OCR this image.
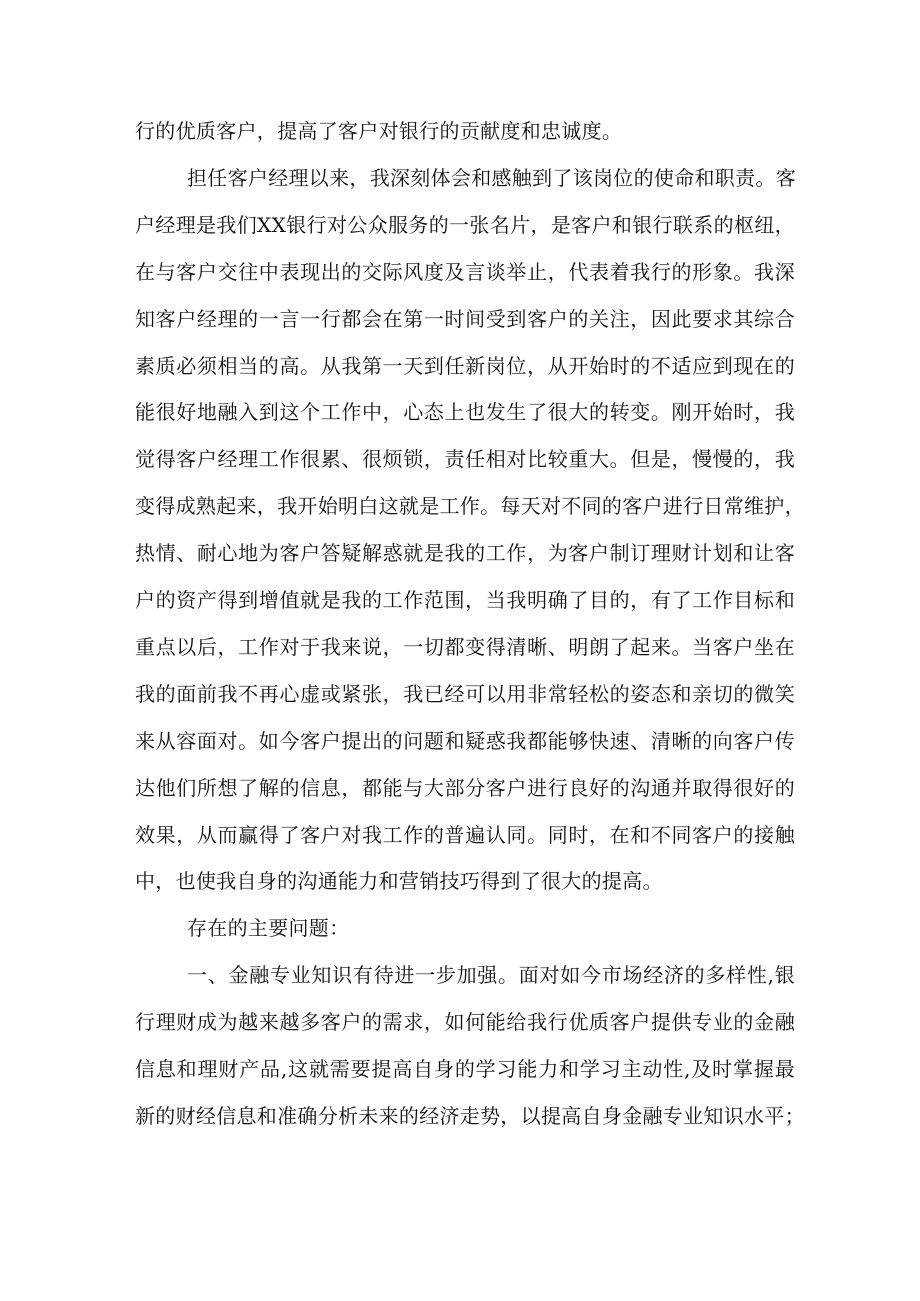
行的优质客户，提高了客户对银行的贡献度和忠诚度。
担任客户经理以来，我深刻体会和感触到了该岗位的使命和职责。客
户经理是我们XX银行对公众服务的一张名片，是客户和银行联系的枢纽，
在与客户交往中表现出的交际风度及言谈举止，代表着我行的形象。我深
知客户经理的一言一行都会在第一时间受到客户的关注，因此要求其综合
素质必须相当的高。从我第一天到任新岗位，从开始时的不适应到现在的
能很好地融入到这个工作中，心态上也发生了很大的转变。刚开始时，我
觉得客户经理工作很累、很烦锁，责任相对比较重大。但是，慢慢的，我
变得成熟起来，我开始明白这就是工作。每天对不同的客户进行日常维护，
热情、耐心地为客户答疑解惑就是我的工作，为客户制订理财计划和让客
户的资产得到增值就是我的工作范围，当我明确了目的，有了工作目标和
重点以后，工作对于我来说，一切都变得清晰、明朗了起来。当客户坐在
我的面前我不再心虚或紧张，我已经可以用非常轻松的姿态和亲切的微笑
来从容面对。如今客户提出的问题和疑惑我都能够快速、清晰的向客户传
达他们所想了解的信息，都能与大部分客户进行良好的沟通并取得很好的
效果，从而赢得了客户对我工作的普遍认同。同时，在和不同客户的接触
中，也使我自身的沟通能力和营销技巧得到了很大的提高。
存在的主要问题：
一、金融专业知识有待进一步加强。面对如今市场经济的多样性,银
行理财成为越来越多客户的需求，如何能给我行优质客户提供专业的金融
信息和理财产品,这就需要提高自身的学习能力和学习主动性,及时掌握最
新的财经信息和准确分析未来的经济走势，以提高自身金融专业知识水平；
